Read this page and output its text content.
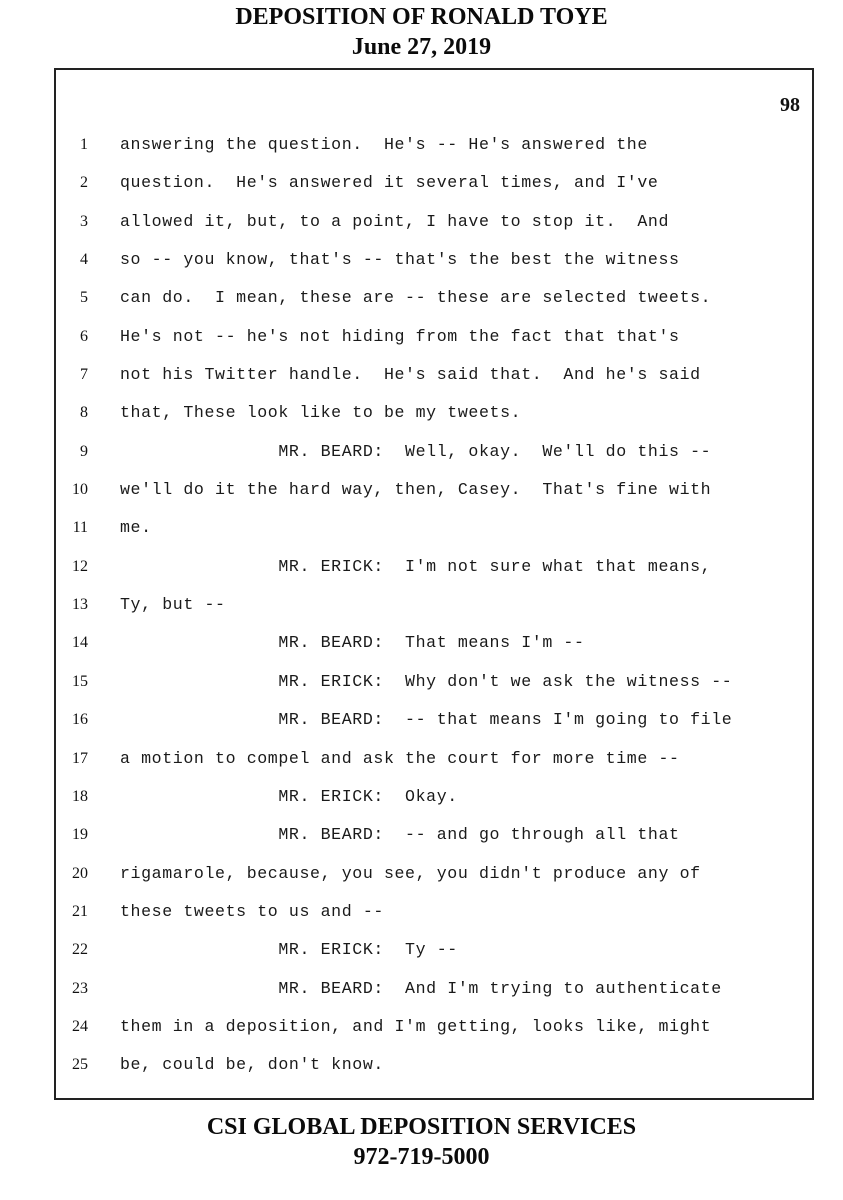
DEPOSITION OF RONALD TOYE
June 27, 2019
98
1 answering the question.  He's -- He's answered the
2 question.  He's answered it several times, and I've
3 allowed it, but, to a point, I have to stop it.  And
4 so -- you know, that's -- that's the best the witness
5 can do.  I mean, these are -- these are selected tweets.
6 He's not -- he's not hiding from the fact that that's
7 not his Twitter handle.  He's said that.  And he's said
8 that, These look like to be my tweets.
9 MR. BEARD:  Well, okay.  We'll do this --
10 we'll do it the hard way, then, Casey.  That's fine with
11 me.
12 MR. ERICK:  I'm not sure what that means,
13 Ty, but --
14 MR. BEARD:  That means I'm --
15 MR. ERICK:  Why don't we ask the witness --
16 MR. BEARD:  -- that means I'm going to file
17 a motion to compel and ask the court for more time --
18 MR. ERICK:  Okay.
19 MR. BEARD:  -- and go through all that
20 rigamarole, because, you see, you didn't produce any of
21 these tweets to us and --
22 MR. ERICK:  Ty --
23 MR. BEARD:  And I'm trying to authenticate
24 them in a deposition, and I'm getting, looks like, might
25 be, could be, don't know.
CSI GLOBAL DEPOSITION SERVICES
972-719-5000
